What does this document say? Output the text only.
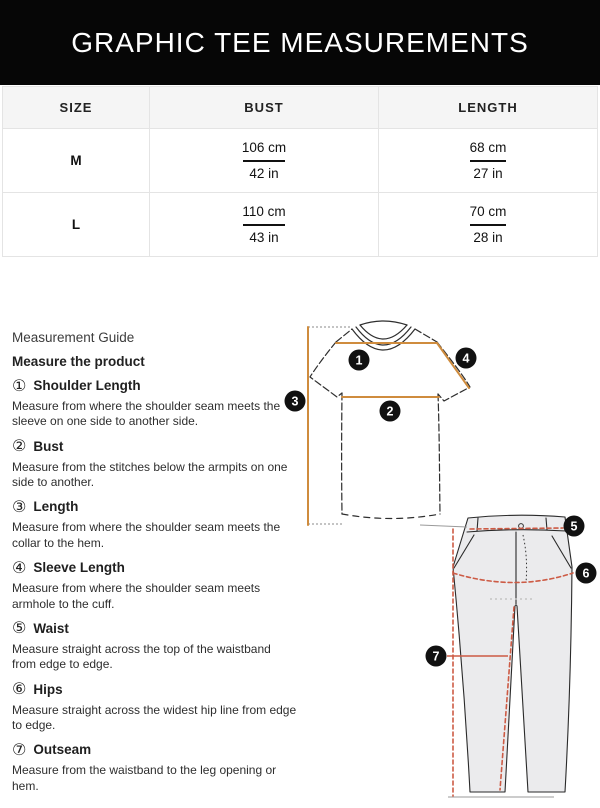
GRAPHIC TEE MEASUREMENTS
SIZE	BUST	LENGTH
M	$\frac{106 cm}{42 in}$	$\frac{68 cm}{27 in}$

L	$\frac{110 cm}{43 in}$	$\frac{70 cm}{28 in}$

Measurement Guide

Measure the product

① Shoulder Length

Measure from where the shoulder seam meets the sleeve on one side to another side.

② Bust

Measure from the stitches below the armpits on one side to another.

③ Length

Measure from where the shoulder seam meets the collar to the hem.

④ Sleeve Length

Measure from where the shoulder seam meets armhole to the cuff.

⑤ Waist

Measure straight across the top of the waistband from edge to edge.

⑥ Hips

Measure straight across the widest hip line from edge to edge.

⑦ Outseam

Measure from the waistband to the leg opening or hem.

1
2
3
4
5
6
7
